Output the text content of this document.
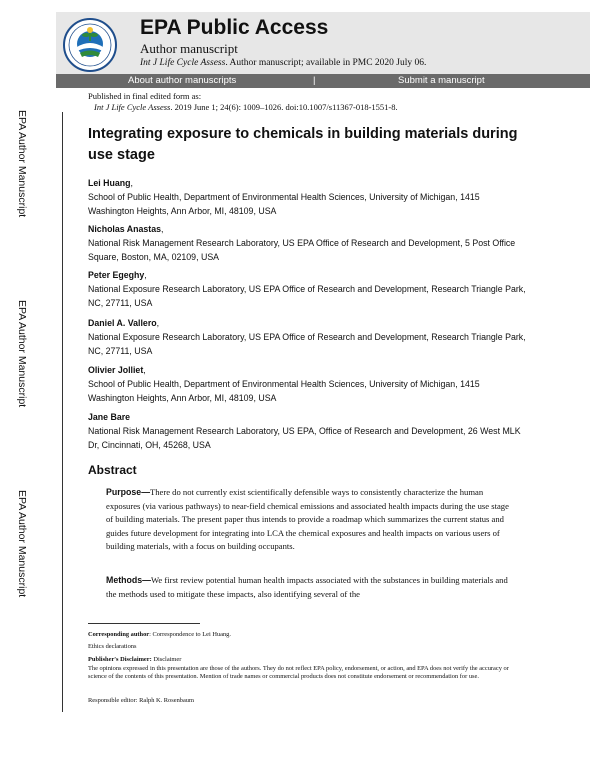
EPA Author Manuscript
EPA Author Manuscript
EPA Author Manuscript
EPA Public Access
Author manuscript
Int J Life Cycle Assess. Author manuscript; available in PMC 2020 July 06.
About author manuscripts	|	Submit a manuscript
Published in final edited form as:
Int J Life Cycle Assess. 2019 June 1; 24(6): 1009–1026. doi:10.1007/s11367-018-1551-8.
Integrating exposure to chemicals in building materials during use stage
Lei Huang,
School of Public Health, Department of Environmental Health Sciences, University of Michigan, 1415 Washington Heights, Ann Arbor, MI, 48109, USA
Nicholas Anastas,
National Risk Management Research Laboratory, US EPA Office of Research and Development, 5 Post Office Square, Boston, MA, 02109, USA
Peter Egeghy,
National Exposure Research Laboratory, US EPA Office of Research and Development, Research Triangle Park, NC, 27711, USA
Daniel A. Vallero,
National Exposure Research Laboratory, US EPA Office of Research and Development, Research Triangle Park, NC, 27711, USA
Olivier Jolliet,
School of Public Health, Department of Environmental Health Sciences, University of Michigan, 1415 Washington Heights, Ann Arbor, MI, 48109, USA
Jane Bare
National Risk Management Research Laboratory, US EPA, Office of Research and Development, 26 West MLK Dr, Cincinnati, OH, 45268, USA
Abstract
Purpose—There do not currently exist scientifically defensible ways to consistently characterize the human exposures (via various pathways) to near-field chemical emissions and associated health impacts during the use stage of building materials. The present paper thus intends to provide a roadmap which summarizes the current status and guides future development for integrating into LCA the chemical exposures and health impacts on various users of building materials, with a focus on building occupants.
Methods—We first review potential human health impacts associated with the substances in building materials and the methods used to mitigate these impacts, also identifying several of the
Corresponding author: Correspondence to Lei Huang.
Ethics declarations
Publisher's Disclaimer: Disclaimer
The opinions expressed in this presentation are those of the authors. They do not reflect EPA policy, endorsement, or action, and EPA does not verify the accuracy or science of the contents of this presentation. Mention of trade names or commercial products does not constitute endorsement or recommendation for use.
Responsible editor: Ralph K. Rosenbaum
